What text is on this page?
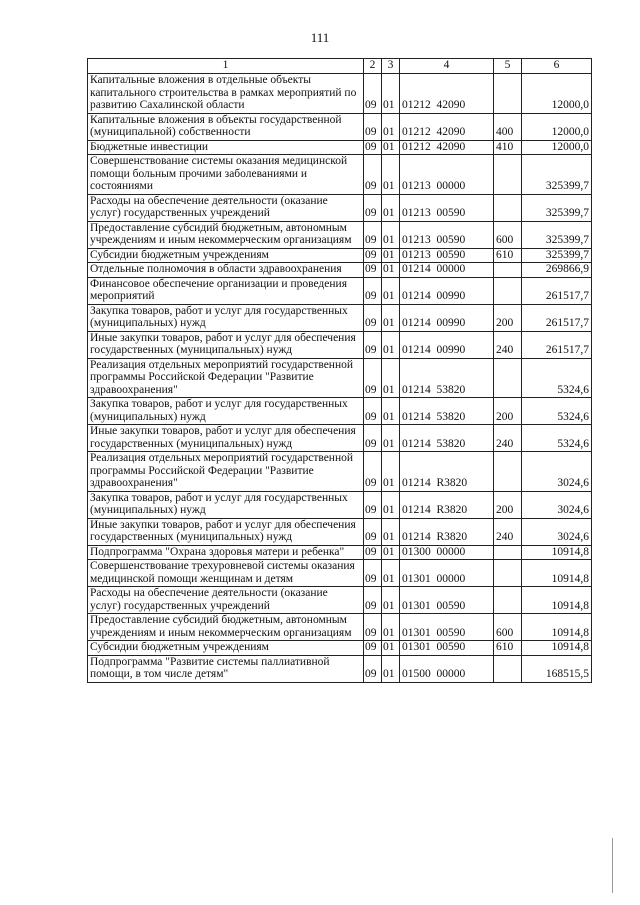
111
1	2	3	4	5	6
Капитальные вложения в отдельные объекты капитального строительства в рамках мероприятий по развитию Сахалинской области	09	01	01212  42090		12000,0
Капитальные вложения в объекты государственной (муниципальной) собственности	09	01	01212  42090	400	12000,0
Бюджетные инвестиции	09	01	01212  42090	410	12000,0
Совершенствование системы оказания медицинской помощи больным прочими заболеваниями и состояниями	09	01	01213  00000		325399,7
Расходы на обеспечение деятельности (оказание услуг) государственных учреждений	09	01	01213  00590		325399,7
Предоставление субсидий бюджетным, автономным учреждениям и иным некоммерческим организациям	09	01	01213  00590	600	325399,7
Субсидии бюджетным учреждениям	09	01	01213  00590	610	325399,7
Отдельные полномочия в области здравоохранения	09	01	01214  00000		269866,9
Финансовое обеспечение организации и проведения мероприятий	09	01	01214  00990		261517,7
Закупка товаров, работ и услуг для государственных (муниципальных) нужд	09	01	01214  00990	200	261517,7
Иные закупки товаров, работ и услуг для обеспечения государственных (муниципальных) нужд	09	01	01214  00990	240	261517,7
Реализация отдельных мероприятий государственной программы Российской Федерации "Развитие здравоохранения"	09	01	01214  53820		5324,6
Закупка товаров, работ и услуг для государственных (муниципальных) нужд	09	01	01214  53820	200	5324,6
Иные закупки товаров, работ и услуг для обеспечения государственных (муниципальных) нужд	09	01	01214  53820	240	5324,6
Реализация отдельных мероприятий государственной программы Российской Федерации "Развитие здравоохранения"	09	01	01214  R3820		3024,6
Закупка товаров, работ и услуг для государственных (муниципальных) нужд	09	01	01214  R3820	200	3024,6
Иные закупки товаров, работ и услуг для обеспечения государственных (муниципальных) нужд	09	01	01214  R3820	240	3024,6
Подпрограмма "Охрана здоровья матери и ребенка"	09	01	01300  00000		10914,8
Совершенствование трехуровневой системы оказания медицинской помощи женщинам и детям	09	01	01301  00000		10914,8
Расходы на обеспечение деятельности (оказание услуг) государственных учреждений	09	01	01301  00590		10914,8
Предоставление субсидий бюджетным, автономным учреждениям и иным некоммерческим организациям	09	01	01301  00590	600	10914,8
Субсидии бюджетным учреждениям	09	01	01301  00590	610	10914,8
Подпрограмма "Развитие системы паллиативной помощи, в том числе детям"	09	01	01500  00000		168515,5
